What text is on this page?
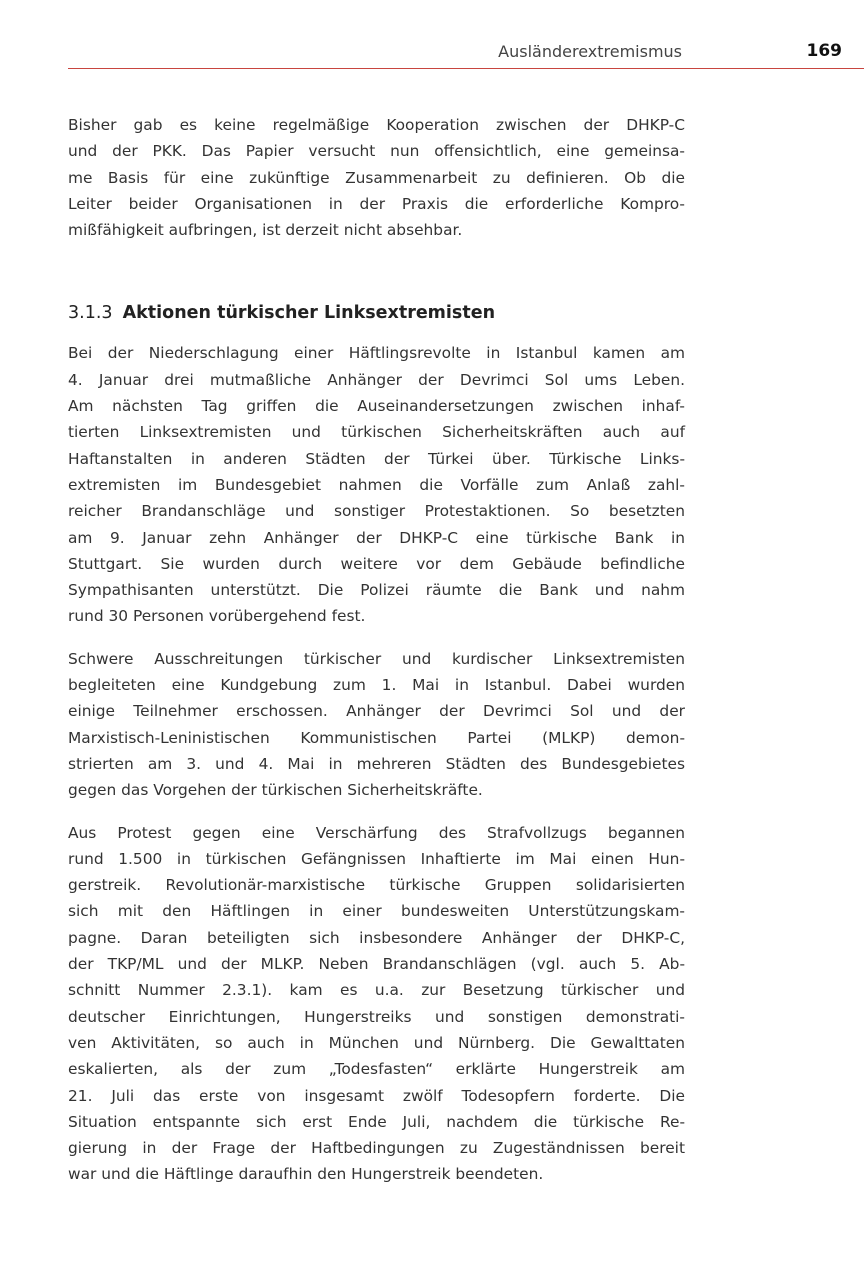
Ausländerextremismus	169

Bisher gab es keine regelmäßige Kooperation zwischen der DHKP-C
und der PKK. Das Papier versucht nun offensichtlich, eine gemeinsa-
me Basis für eine zukünftige Zusammenarbeit zu definieren. Ob die
Leiter beider Organisationen in der Praxis die erforderliche Kompro-
mißfähigkeit aufbringen, ist derzeit nicht absehbar.

3.1.3 Aktionen türkischer Linksextremisten

Bei der Niederschlagung einer Häftlingsrevolte in Istanbul kamen am
4. Januar drei mutmaßliche Anhänger der Devrimci Sol ums Leben.
Am nächsten Tag griffen die Auseinandersetzungen zwischen inhaf-
tierten Linksextremisten und türkischen Sicherheitskräften auch auf
Haftanstalten in anderen Städten der Türkei über. Türkische Links-
extremisten im Bundesgebiet nahmen die Vorfälle zum Anlaß zahl-
reicher Brandanschläge und sonstiger Protestaktionen. So besetzten
am 9. Januar zehn Anhänger der DHKP-C eine türkische Bank in
Stuttgart. Sie wurden durch weitere vor dem Gebäude befindliche
Sympathisanten unterstützt. Die Polizei räumte die Bank und nahm
rund 30 Personen vorübergehend fest.

Schwere Ausschreitungen türkischer und kurdischer Linksextremisten
begleiteten eine Kundgebung zum 1. Mai in Istanbul. Dabei wurden
einige Teilnehmer erschossen. Anhänger der Devrimci Sol und der
Marxistisch-Leninistischen Kommunistischen Partei (MLKP) demon-
strierten am 3. und 4. Mai in mehreren Städten des Bundesgebietes
gegen das Vorgehen der türkischen Sicherheitskräfte.

Aus Protest gegen eine Verschärfung des Strafvollzugs begannen
rund 1.500 in türkischen Gefängnissen Inhaftierte im Mai einen Hun-
gerstreik. Revolutionär-marxistische türkische Gruppen solidarisierten
sich mit den Häftlingen in einer bundesweiten Unterstützungskam-
pagne. Daran beteiligten sich insbesondere Anhänger der DHKP-C,
der TKP/ML und der MLKP. Neben Brandanschlägen (vgl. auch 5. Ab-
schnitt Nummer 2.3.1). kam es u.a. zur Besetzung türkischer und
deutscher Einrichtungen, Hungerstreiks und sonstigen demonstrati-
ven Aktivitäten, so auch in München und Nürnberg. Die Gewalttaten
eskalierten, als der zum „Todesfasten“ erklärte Hungerstreik am
21. Juli das erste von insgesamt zwölf Todesopfern forderte. Die
Situation entspannte sich erst Ende Juli, nachdem die türkische Re-
gierung in der Frage der Haftbedingungen zu Zugeständnissen bereit
war und die Häftlinge daraufhin den Hungerstreik beendeten.
